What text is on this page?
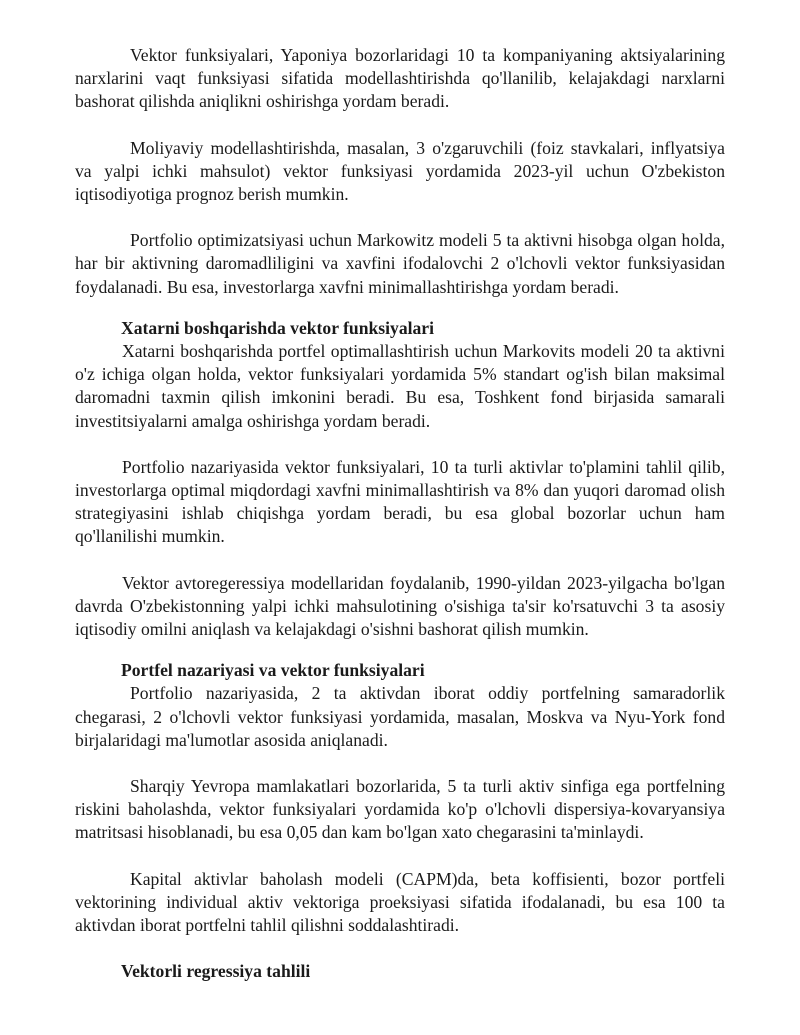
Vektor funksiyalari, Yaponiya bozorlaridagi 10 ta kompaniyaning aktsiyalarining narxlarini vaqt funksiyasi sifatida modellashtirishda qo'llanilib, kelajakdagi narxlarni bashorat qilishda aniqlikni oshirishga yordam beradi.

Moliyaviy modellashtirishda, masalan, 3 o'zgaruvchili (foiz stavkalari, inflyatsiya va yalpi ichki mahsulot) vektor funksiyasi yordamida 2023-yil uchun O'zbekiston iqtisodiyotiga prognoz berish mumkin.

Portfolio optimizatsiyasi uchun Markowitz modeli 5 ta aktivni hisobga olgan holda, har bir aktivning daromadliligini va xavfini ifodalovchi 2 o'lchovli vektor funksiyasidan foydalanadi. Bu esa, investorlarga xavfni minimallashtirishga yordam beradi.

Xatarni boshqarishda vektor funksiyalari

Xatarni boshqarishda portfel optimallashtirish uchun Markovits modeli 20 ta aktivni o'z ichiga olgan holda, vektor funksiyalari yordamida 5% standart og'ish bilan maksimal daromadni taxmin qilish imkonini beradi. Bu esa, Toshkent fond birjasida samarali investitsiyalarni amalga oshirishga yordam beradi.

Portfolio nazariyasida vektor funksiyalari, 10 ta turli aktivlar to'plamini tahlil qilib, investorlarga optimal miqdordagi xavfni minimallashtirish va 8% dan yuqori daromad olish strategiyasini ishlab chiqishga yordam beradi, bu esa global bozorlar uchun ham qo'llanilishi mumkin.

Vektor avtoregeressiya modellaridan foydalanib, 1990-yildan 2023-yilgacha bo'lgan davrda O'zbekistonning yalpi ichki mahsulotining o'sishiga ta'sir ko'rsatuvchi 3 ta asosiy iqtisodiy omilni aniqlash va kelajakdagi o'sishni bashorat qilish mumkin.

Portfel nazariyasi va vektor funksiyalari

Portfolio nazariyasida, 2 ta aktivdan iborat oddiy portfelning samaradorlik chegarasi, 2 o'lchovli vektor funksiyasi yordamida, masalan, Moskva va Nyu-York fond birjalaridagi ma'lumotlar asosida aniqlanadi.

Sharqiy Yevropa mamlakatlari bozorlarida, 5 ta turli aktiv sinfiga ega portfelning riskini baholashda, vektor funksiyalari yordamida ko'p o'lchovli dispersiya-kovaryansiya matritsasi hisoblanadi, bu esa 0,05 dan kam bo'lgan xato chegarasini ta'minlaydi.

Kapital aktivlar baholash modeli (CAPM)da, beta koffisienti, bozor portfeli vektorining individual aktiv vektoriga proeksiyasi sifatida ifodalanadi, bu esa 100 ta aktivdan iborat portfelni tahlil qilishni soddalashtiradi.

Vektorli regressiya tahlili
